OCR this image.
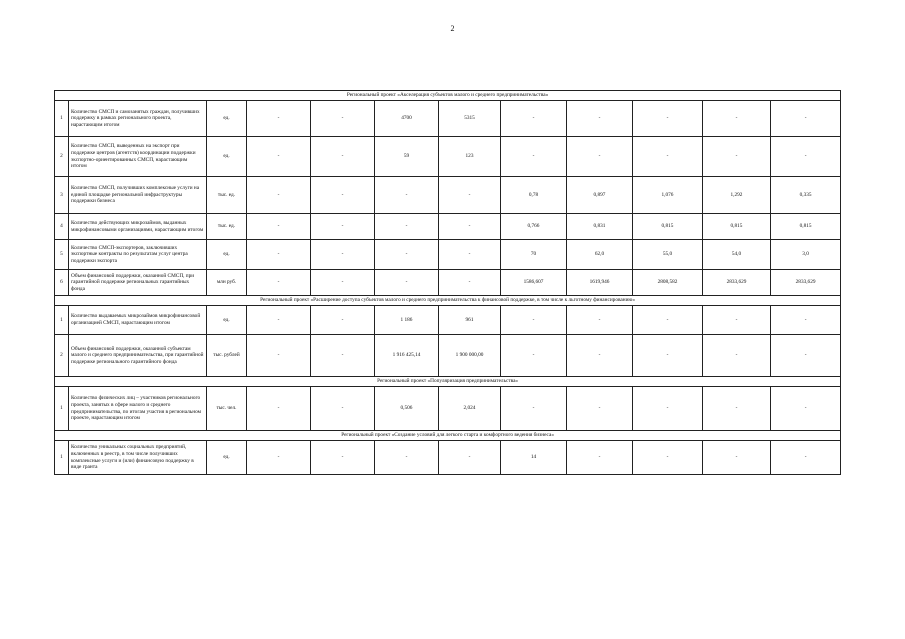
2
Региональный проект «Акселерация субъектов малого и среднего предпринимательства»											
1	Количество СМСП и самозанятых граждан, получивших поддержку в рамках регионального проекта, нарастающим итогом	ед.	-	-	4700	5315	-	-	-	-	-
2	Количество СМСП, выведенных на экспорт при поддержке центров (агентств) координации поддержки экспортно-ориентированных СМСП, нарастающим итогом	ед.	-	-	59	123	-	-	-	-	-
3	Количество СМСП, получивших комплексные услуги на единой площадке региональной инфраструктуры поддержки бизнеса	тыс. ед.	-	-	-	-	0,78	0,897	1,076	1,292	0,335
4	Количество действующих микрозаймов, выданных микрофинансовыми организациями, нарастающим итогом	тыс. ед.	-	-	-	-	0,766	0,831	0,815	0,815	0,815
5	Количество СМСП-экспортеров, заключивших экспортные контракты по результатам услуг центра поддержки экспорта	ед.	-	-	-	-	70	62,0	55,0	54,0	3,0
6	Объем финансовой поддержки, оказанной СМСП, при гарантийной поддержке региональных гарантийных фонда	млн руб.	-	-	-	-	1586,607	1619,946	2808,582	2833,629	2833,629
Региональный проект «Расширение доступа субъектов малого и среднего предпринимательства к финансовой поддержке, в том числе к льготному финансированию»											
1	Количество выдаваемых микрозаймов микрофинансовой организацией СМСП, нарастающим итогом	ед.	-	-	1 186	961	-	-	-	-	-
2	Объем финансовой поддержки, оказанной субъектам малого и среднего предпринимательства, при гарантийной поддержке регионального гарантийного фонда	тыс. рублей	-	-	1 916 425,14	1 900 000,00	-	-	-	-	-
Региональный проект «Популяризация предпринимательства»											
1	Количество физических лиц – участников регионального проекта, занятых в сфере малого и среднего предпринимательства, по итогам участия в региональном проекте, нарастающим итогом	тыс. чел.	-	-	0,506	2,024	-	-	-	-	-
Региональный проект «Создание условий для легкого старта и комфортного ведения бизнеса»											
1	Количество уникальных социальных предприятий, включенных в реестр, в том числе получивших комплексные услуги и (или) финансовую поддержку в виде гранта	ед.	-	-	-	-	14	-	-	-	-
